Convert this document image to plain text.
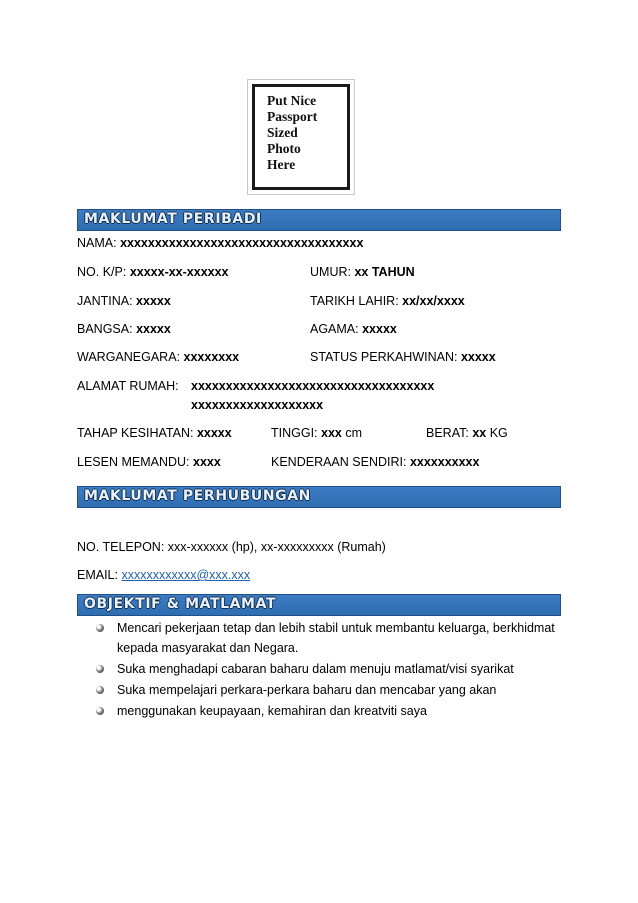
Put Nice
Passport
Sized
Photo
Here

MAKLUMAT PERIBADI
NAMA: xxxxxxxxxxxxxxxxxxxxxxxxxxxxxxxxxxx
NO. K/P: xxxxx-xx-xxxxxx	UMUR: xx TAHUN
JANTINA: xxxxx	TARIKH LAHIR: xx/xx/xxxx
BANGSA: xxxxx	AGAMA: xxxxx
WARGANEGARA: xxxxxxxx	STATUS PERKAHWINAN: xxxxx
ALAMAT RUMAH: xxxxxxxxxxxxxxxxxxxxxxxxxxxxxxxxxxx
xxxxxxxxxxxxxxxxxxx
TAHAP KESIHATAN: xxxxx	TINGGI: xxx cm	BERAT: xx KG
LESEN MEMANDU: xxxx	KENDERAAN SENDIRI: xxxxxxxxxx
MAKLUMAT PERHUBUNGAN
NO. TELEPON: xxx-xxxxxx (hp), xx-xxxxxxxxx (Rumah)
EMAIL: xxxxxxxxxxxx@xxx.xxx
OBJEKTIF & MATLAMAT
Mencari pekerjaan tetap dan lebih stabil untuk membantu keluarga, berkhidmat kepada masyarakat dan Negara.
Suka menghadapi cabaran baharu dalam menuju matlamat/visi syarikat
Suka mempelajari perkara-perkara baharu dan mencabar yang akan
menggunakan keupayaan, kemahiran dan kreatviti saya
